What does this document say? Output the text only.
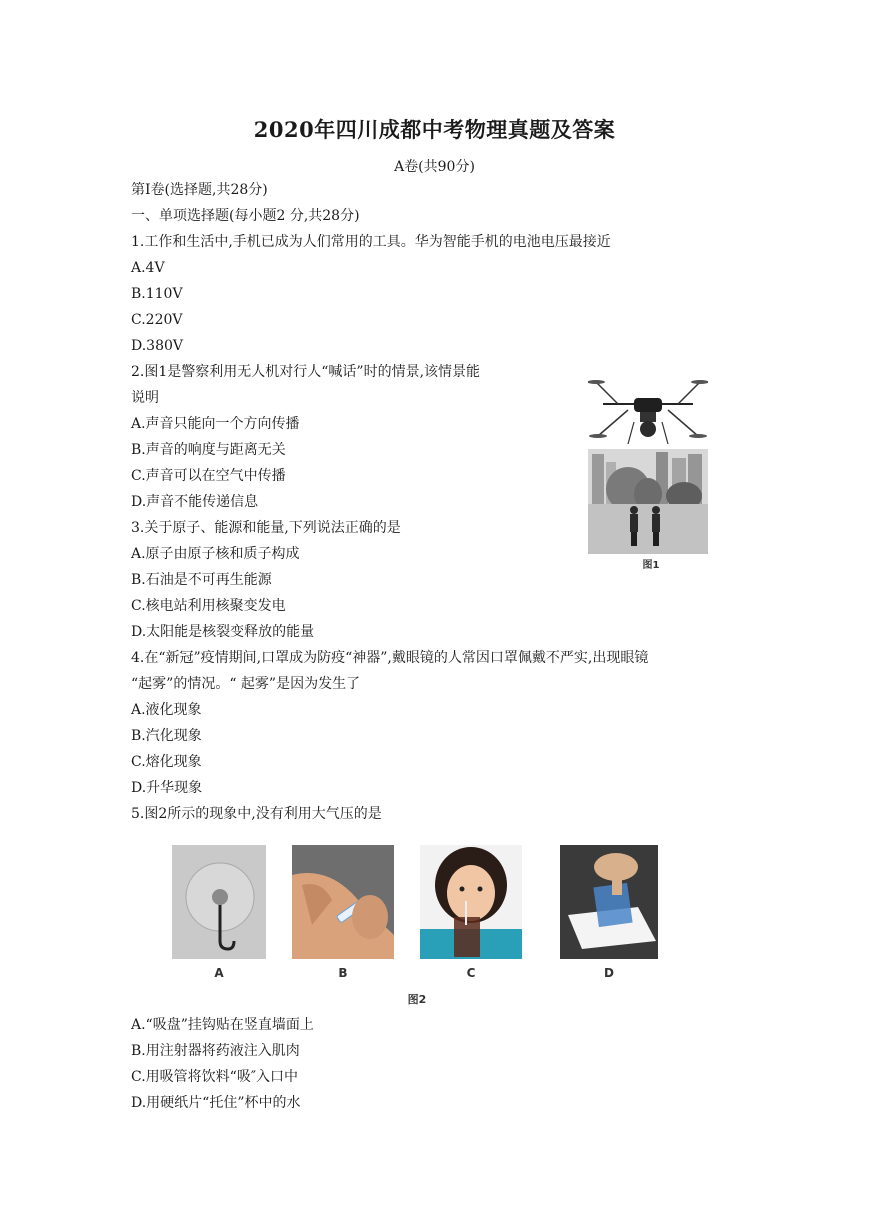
2020年四川成都中考物理真题及答案
A卷(共90分)
第Ⅰ卷(选择题,共28分)
一、单项选择题(每小题2 分,共28分)
1.工作和生活中,手机已成为人们常用的工具。华为智能手机的电池电压最接近
A.4V
B.110V
C.220V
D.380V
2.图1是警察利用无人机对行人“喊话”时的情景,该情景能
说明
A.声音只能向一个方向传播
B.声音的响度与距离无关
C.声音可以在空气中传播
D.声音不能传递信息
图1
3.关于原子、能源和能量,下列说法正确的是
A.原子由原子核和质子构成
B.石油是不可再生能源
C.核电站利用核聚变发电
D.太阳能是核裂变释放的能量
4.在“新冠”疫情期间,口罩成为防疫“神器”,戴眼镜的人常因口罩佩戴不严实,出现眼镜
“起雾”的情况。“ 起雾”是因为发生了
A.液化现象
B.汽化现象
C.熔化现象
D.升华现象
5.图2所示的现象中,没有利用大气压的是
A	B	C	D
图2
A.“吸盘”挂钩贴在竖直墙面上
B.用注射器将药液注入肌肉
C.用吸管将饮料“吸″入口中
D.用硬纸片“托住”杯中的水
